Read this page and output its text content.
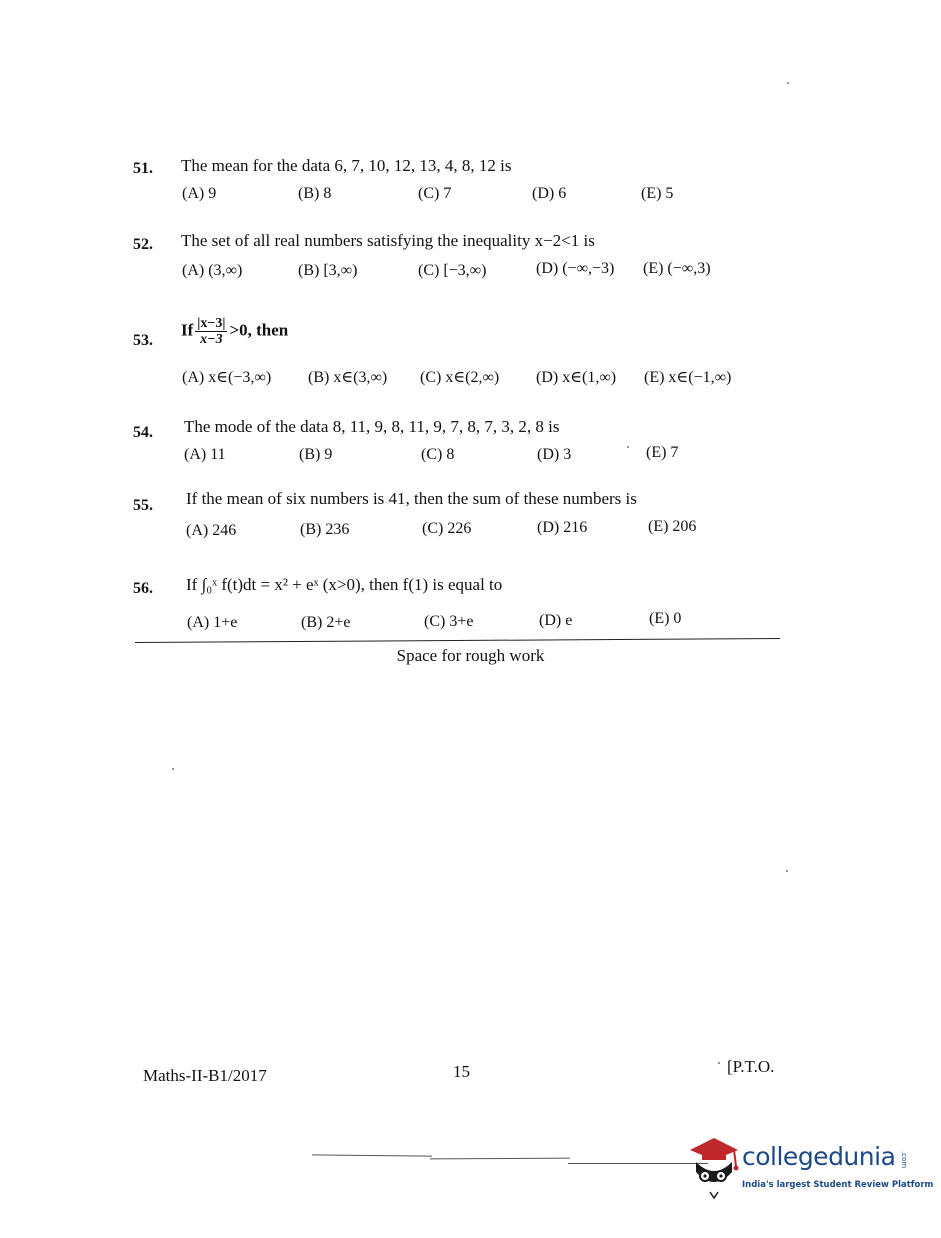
51. The mean for the data 6, 7, 10, 12, 13, 4, 8, 12 is
(A) 9	(B) 8	(C) 7	(D) 6	(E) 5
52. The set of all real numbers satisfying the inequality x−2<1 is
(A) (3,∞)	(B) [3,∞)	(C) [−3,∞)	(D) (−∞,−3) (E) (−∞,3)
53.
If $\frac{|x-3|}{x-3} >0$, then
(A) x∈(−3,∞) (B) x∈(3,∞) (C) x∈(2,∞) (D) x∈(1,∞) (E) x∈(−1,∞)
54. The mode of the data 8, 11, 9, 8, 11, 9, 7, 8, 7, 3, 2, 8 is
(A) 11	(B) 9	(C) 8	(D) 3	(E) 7
55. If the mean of six numbers is 41, then the sum of these numbers is
(A) 246	(B) 236	(C) 226	(D) 216	(E) 206
56. If ∫₀ˣ f(t)dt = x² + eˣ (x>0), then f(1) is equal to
(A) 1+e	(B) 2+e	(C) 3+e	(D) e	(E) 0
Space for rough work
Maths-II-B1/2017	15	[P.T.O.
collegedunia .com
India's largest Student Review Platform
